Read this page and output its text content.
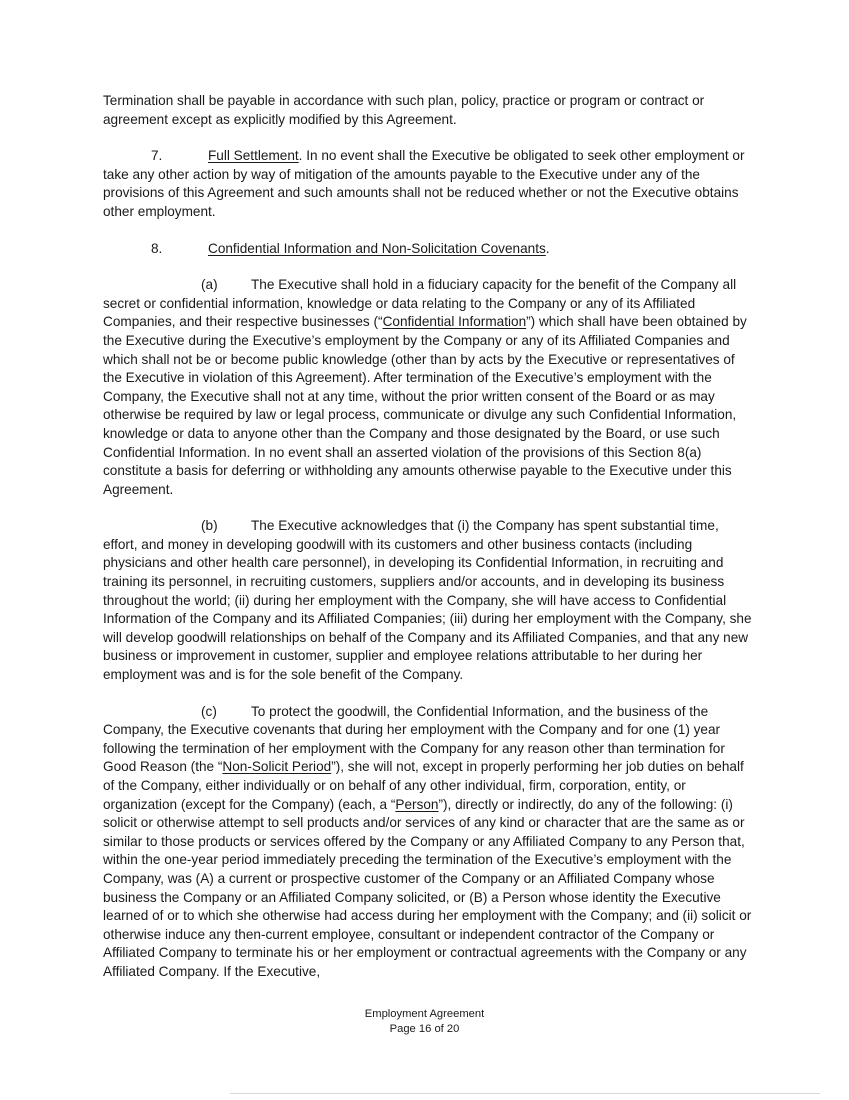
Termination shall be payable in accordance with such plan, policy, practice or program or contract or agreement except as explicitly modified by this Agreement.

7.	Full Settlement. In no event shall the Executive be obligated to seek other employment or take any other action by way of mitigation of the amounts payable to the Executive under any of the provisions of this Agreement and such amounts shall not be reduced whether or not the Executive obtains other employment.

8.	Confidential Information and Non-Solicitation Covenants.

(a) The Executive shall hold in a fiduciary capacity for the benefit of the Company all secret or confidential information, knowledge or data relating to the Company or any of its Affiliated Companies, and their respective businesses (“Confidential Information”) which shall have been obtained by the Executive during the Executive’s employment by the Company or any of its Affiliated Companies and which shall not be or become public knowledge (other than by acts by the Executive or representatives of the Executive in violation of this Agreement). After termination of the Executive’s employment with the Company, the Executive shall not at any time, without the prior written consent of the Board or as may otherwise be required by law or legal process, communicate or divulge any such Confidential Information, knowledge or data to anyone other than the Company and those designated by the Board, or use such Confidential Information. In no event shall an asserted violation of the provisions of this Section 8(a) constitute a basis for deferring or withholding any amounts otherwise payable to the Executive under this Agreement.

(b) The Executive acknowledges that (i) the Company has spent substantial time, effort, and money in developing goodwill with its customers and other business contacts (including physicians and other health care personnel), in developing its Confidential Information, in recruiting and training its personnel, in recruiting customers, suppliers and/or accounts, and in developing its business throughout the world; (ii) during her employment with the Company, she will have access to Confidential Information of the Company and its Affiliated Companies; (iii) during her employment with the Company, she will develop goodwill relationships on behalf of the Company and its Affiliated Companies, and that any new business or improvement in customer, supplier and employee relations attributable to her during her employment was and is for the sole benefit of the Company.

(c)	To protect the goodwill, the Confidential Information, and the business of the Company, the Executive covenants that during her employment with the Company and for one (1) year following the termination of her employment with the Company for any reason other than termination for Good Reason (the “Non-Solicit Period”), she will not, except in properly performing her job duties on behalf of the Company, either individually or on behalf of any other individual, firm, corporation, entity, or organization (except for the Company) (each, a “Person”), directly or indirectly, do any of the following: (i) solicit or otherwise attempt to sell products and/or services of any kind or character that are the same as or similar to those products or services offered by the Company or any Affiliated Company to any Person that, within the one-year period immediately preceding the termination of the Executive’s employment with the Company, was (A) a current or prospective customer of the Company or an Affiliated Company whose business the Company or an Affiliated Company solicited, or (B) a Person whose identity the Executive learned of or to which she otherwise had access during her employment with the Company; and (ii) solicit or otherwise induce any then-current employee, consultant or independent contractor of the Company or Affiliated Company to terminate his or her employment or contractual agreements with the Company or any Affiliated Company. If the Executive,

Employment Agreement
Page 16 of 20
